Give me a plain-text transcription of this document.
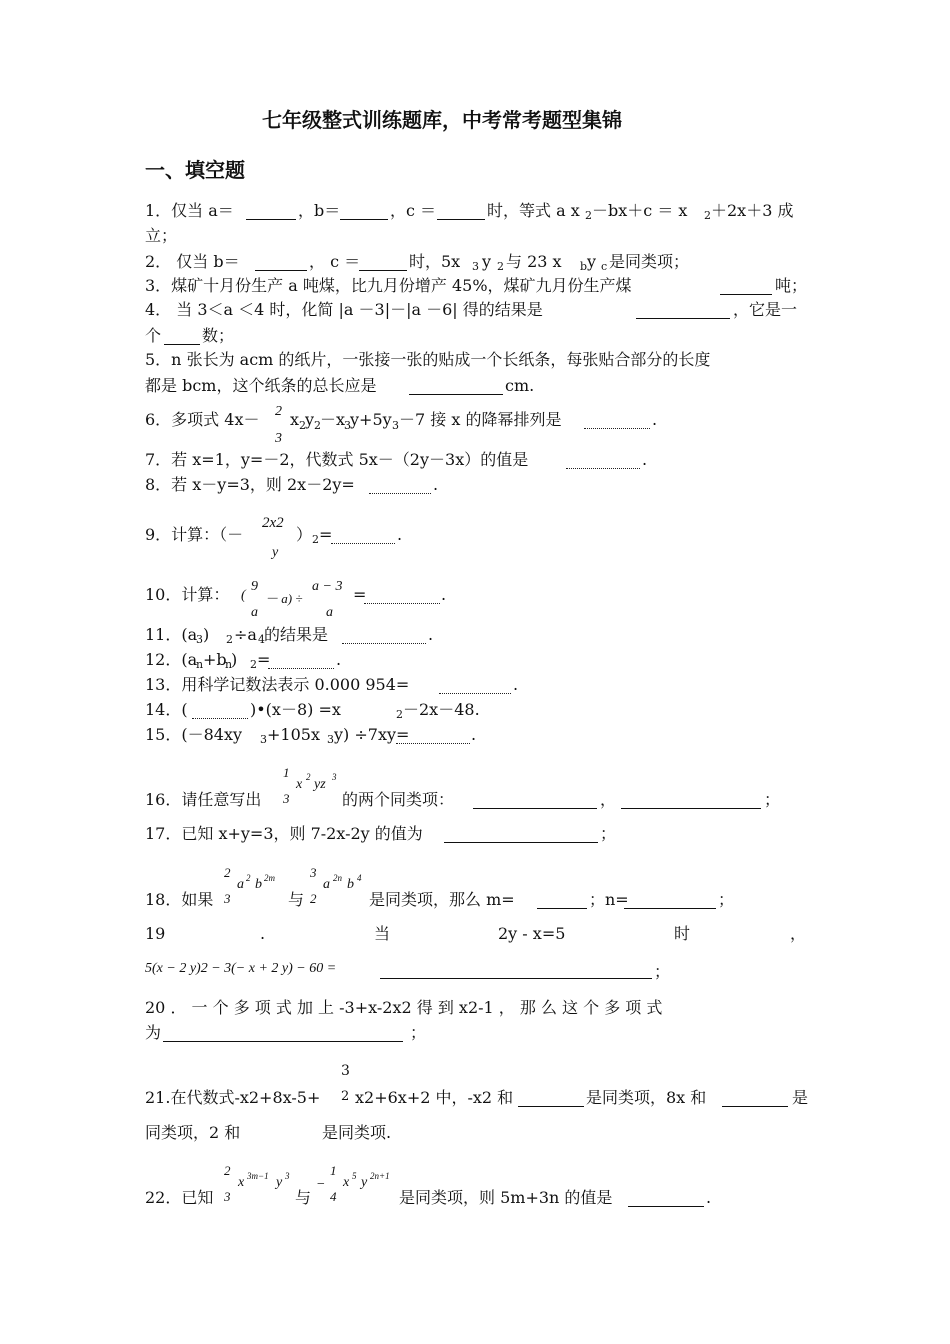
七年级整式训练题库，中考常考题型集锦
一、填空题
1．仅当 a＝	，b＝	，c ＝	时，等式 a x 2 －bx＋c ＝ x 2 ＋2x＋3 成
立；
2． 仅当 b＝	， c ＝	时，5x 3 y 2 与 23 x b y c 是同类项；
3．煤矿十月份生产 a 吨煤，比九月份增产 45%，煤矿九月份生产煤	吨；
4． 当 3＜a ＜4 时，化简 |a －3|－|a －6| 得的结果是	，它是一
个	数；
5．n 张长为 acm 的纸片，一张接一张的贴成一个长纸条，每张贴合部分的长度
都是 bcm，这个纸条的总长应是	cm.
6．多项式 4x－ 2
3
x 2 y 2 －x
3 y+5y 3 －7 接 x 的降幂排列是	.
7．若 x=1，y=－2，代数式 5x－（2y－3x）的值是	.
8．若 x－y=3，则 2x－2y=	.
9．计算：（－
2x2
y
） 2 =	.
10．计算： (
9
a
－ a) ÷
a − 3
a
=	.
11．(a
3 ) 2 ÷a 4 的结果是	.
12．(a
n +b
n
) 2 =	.
13．用科学记数法表示 0.000 954=	.
14．(	)•(x－8) =x	2 －2x－48.
15．(－84xy 3 +105x 3 y) ÷7xy=	.
1
3
x 2 yz 3
16．请任意写出	的两个同类项：	，	；
17．已知 x+y=3，则 7-2x-2y 的值为	；
2
3
a 2 b 2m
18．如果	与
3
2
a 2n b 4
是同类项，那么 m=	；n=	；
19	.	当	2y - x=5	时	，
5(x − 2 y)2 − 3(− x + 2 y) − 60 =	；
20 ． 一 个 多 项 式 加 上 -3+x-2x2 得 到 x2-1 ， 那 么 这 个 多 项 式
为	；
3
21.在代数式-x2+8x-5+ 2 x2+6x+2 中，-x2 和	是同类项，8x 和	是
同类项，2 和	是同类项.
2
3
x 3m−1 y 3
22．已知	与
−
1
4
x 5 y 2n+1
是同类项，则 5m+3n 的值是	.
